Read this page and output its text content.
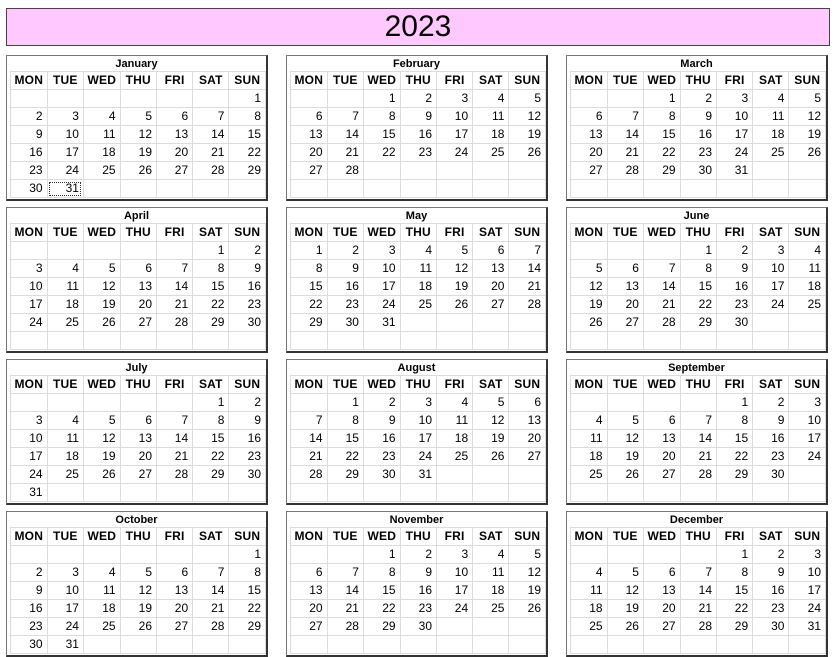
2023
January
MON	TUE	WED	THU	FRI	SAT	SUN
						1
2	3	4	5	6	7	8
9	10	11	12	13	14	15
16	17	18	19	20	21	22
23	24	25	26	27	28	29
30	31					
February
MON	TUE	WED	THU	FRI	SAT	SUN
		1	2	3	4	5
6	7	8	9	10	11	12
13	14	15	16	17	18	19
20	21	22	23	24	25	26
27	28					

March
MON	TUE	WED	THU	FRI	SAT	SUN
		1	2	3	4	5
6	7	8	9	10	11	12
13	14	15	16	17	18	19
20	21	22	23	24	25	26
27	28	29	30	31		

April
MON	TUE	WED	THU	FRI	SAT	SUN
					1	2
3	4	5	6	7	8	9
10	11	12	13	14	15	16
17	18	19	20	21	22	23
24	25	26	27	28	29	30

May
MON	TUE	WED	THU	FRI	SAT	SUN
1	2	3	4	5	6	7
8	9	10	11	12	13	14
15	16	17	18	19	20	21
22	23	24	25	26	27	28
29	30	31				

June
MON	TUE	WED	THU	FRI	SAT	SUN
			1	2	3	4
5	6	7	8	9	10	11
12	13	14	15	16	17	18
19	20	21	22	23	24	25
26	27	28	29	30		

July
MON	TUE	WED	THU	FRI	SAT	SUN
					1	2
3	4	5	6	7	8	9
10	11	12	13	14	15	16
17	18	19	20	21	22	23
24	25	26	27	28	29	30
31						
August
MON	TUE	WED	THU	FRI	SAT	SUN
	1	2	3	4	5	6
7	8	9	10	11	12	13
14	15	16	17	18	19	20
21	22	23	24	25	26	27
28	29	30	31			

September
MON	TUE	WED	THU	FRI	SAT	SUN
				1	2	3
4	5	6	7	8	9	10
11	12	13	14	15	16	17
18	19	20	21	22	23	24
25	26	27	28	29	30	

October
MON	TUE	WED	THU	FRI	SAT	SUN
						1
2	3	4	5	6	7	8
9	10	11	12	13	14	15
16	17	18	19	20	21	22
23	24	25	26	27	28	29
30	31					
November
MON	TUE	WED	THU	FRI	SAT	SUN
		1	2	3	4	5
6	7	8	9	10	11	12
13	14	15	16	17	18	19
20	21	22	23	24	25	26
27	28	29	30			

December
MON	TUE	WED	THU	FRI	SAT	SUN
				1	2	3
4	5	6	7	8	9	10
11	12	13	14	15	16	17
18	19	20	21	22	23	24
25	26	27	28	29	30	31
